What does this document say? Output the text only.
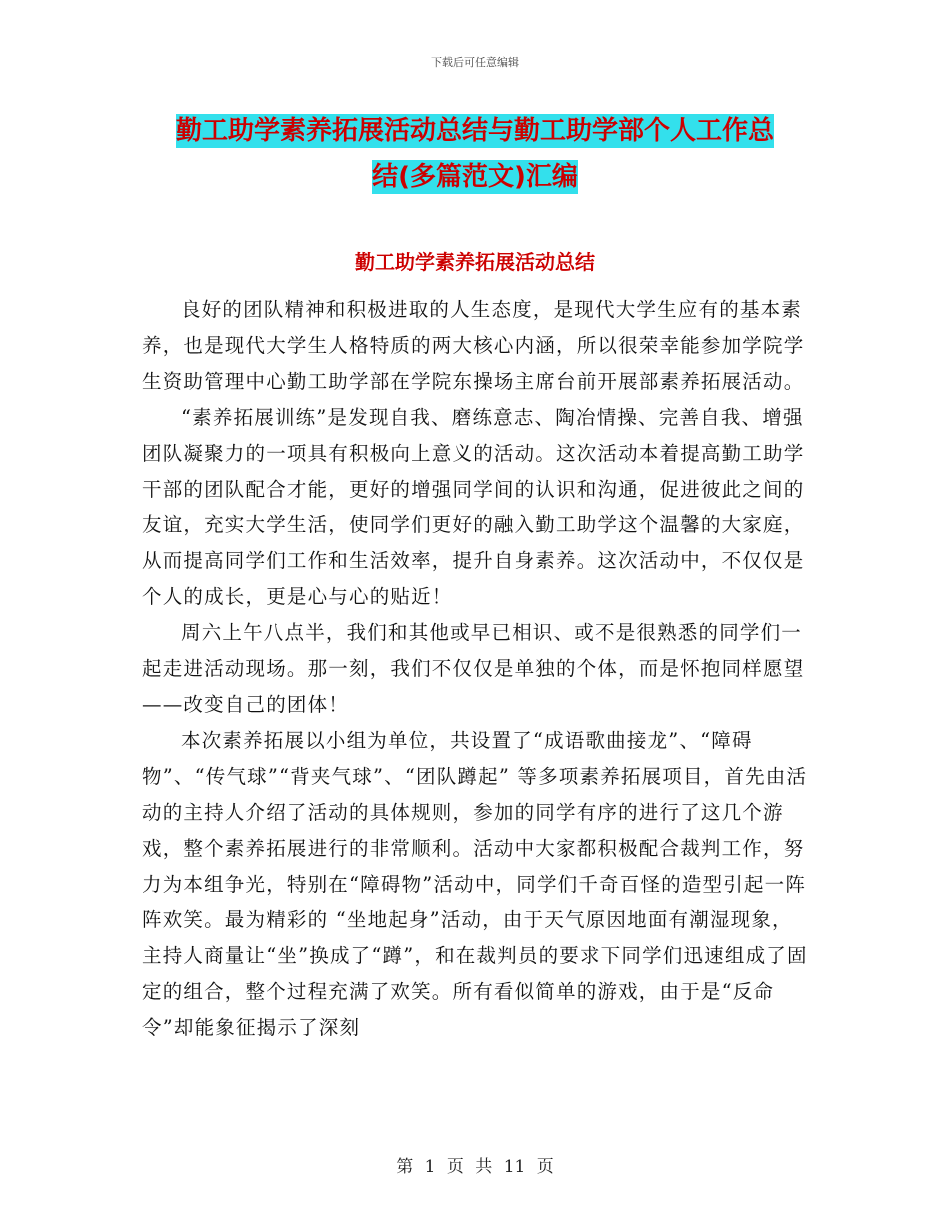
下载后可任意编辑
勤工助学素养拓展活动总结与勤工助学部个人工作总
结(多篇范文)汇编
勤工助学素养拓展活动总结

良好的团队精神和积极进取的人生态度，是现代大学生应有的基本素养，也是现代大学生人格特质的两大核心内涵，所以很荣幸能参加学院学生资助管理中心勤工助学部在学院东操场主席台前开展部素养拓展活动。

“素养拓展训练”是发现自我、磨练意志、陶冶情操、完善自我、增强团队凝聚力的一项具有积极向上意义的活动。这次活动本着提高勤工助学干部的团队配合才能，更好的增强同学间的认识和沟通，促进彼此之间的友谊，充实大学生活，使同学们更好的融入勤工助学这个温馨的大家庭，从而提高同学们工作和生活效率，提升自身素养。这次活动中，不仅仅是个人的成长，更是心与心的贴近！

周六上午八点半，我们和其他或早已相识、或不是很熟悉的同学们一起走进活动现场。那一刻，我们不仅仅是单独的个体，而是怀抱同样愿望——改变自己的团体！

本次素养拓展以小组为单位，共设置了“成语歌曲接龙”、“障碍物”、“传气球”“背夹气球”、“团队蹲起” 等多项素养拓展项目，首先由活动的主持人介绍了活动的具体规则，参加的同学有序的进行了这几个游戏，整个素养拓展进行的非常顺利。活动中大家都积极配合裁判工作，努力为本组争光，特别在“障碍物”活动中，同学们千奇百怪的造型引起一阵阵欢笑。最为精彩的 “坐地起身”活动，由于天气原因地面有潮湿现象，主持人商量让“坐”换成了“蹲”，和在裁判员的要求下同学们迅速组成了固定的组合，整个过程充满了欢笑。所有看似简单的游戏，由于是“反命令”却能象征揭示了深刻

第 1 页 共 11 页
